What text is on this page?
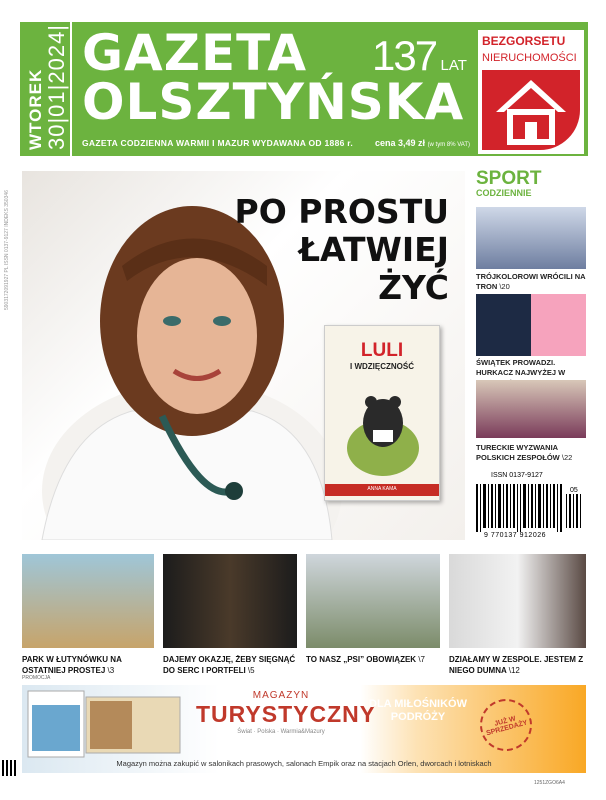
WTOREK 30|01|2024| GAZETA
OLSZTYŃSKA
137 LAT
GAZETA CODZIENNA WARMII I MAZUR WYDAWANA OD 1886 r. cena 3,49 zł (w tym 8% VAT)
BEZGORSETU
NIERUCHOMOŚCI
5903172091927 PL ISSN 0137-9127 INDEKS 350346	PO PROSTU
ŁATWIEJ
ŻYĆ
LULI
I WDZIĘCZNOŚĆ
ANNA KAMA
SPORT
CODZIENNIE
TRÓJKOLOROWI WRÓCILI NA TRON \20
ŚWIĄTEK PROWADZI. HURKACZ NAJWYŻEJ W
TURECKIE WYZWANIA POLSKICH ZESPOŁÓW \22
ISSN 0137-9127
05
9 770137 912026
PARK W ŁUTYNÓWKU NA OSTATNIEJ PROSTEJ \3
DAJEMY OKAZJĘ, ŻEBY SIĘGNĄĆ DO SERC I PORTFELI \5
TO NASZ „PSI” OBOWIĄZEK \7	DZIAŁAMY W ZESPOLE. JESTEM Z NIEGO DUMNA \12
PROMOCJA
MAGAZYN
TURYSTYCZNY
Świat · Polska · Warmia&Mazury
DLA MIŁOŚNIKÓW PODRÓŻY	JUŻ W SPRZEDAŻY
Magazyn można zakupić w salonikach prasowych, salonach Empik oraz na stacjach Orlen, dworcach i lotniskach
1251ZGO6A4
